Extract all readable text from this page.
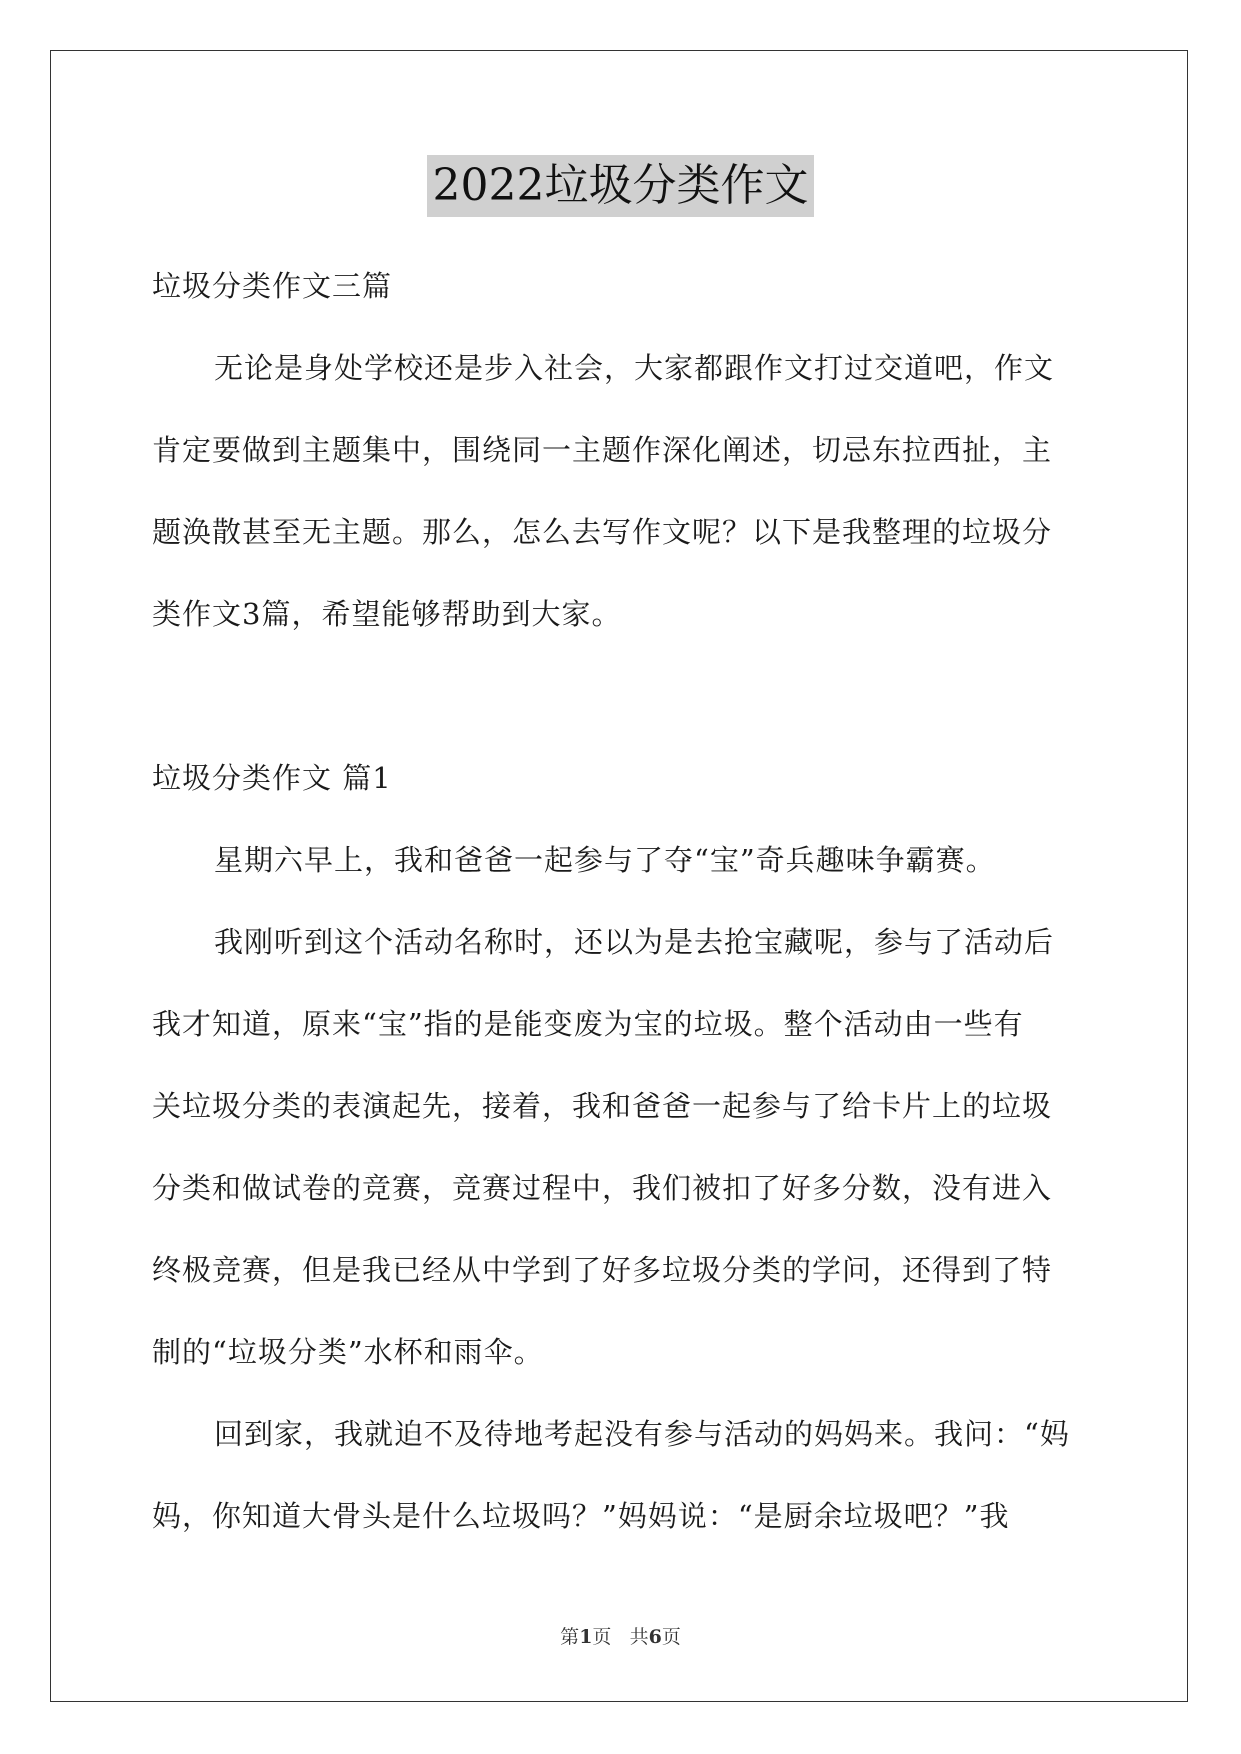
2022垃圾分类作文
垃圾分类作文三篇
无论是身处学校还是步入社会，大家都跟作文打过交道吧，作文
肯定要做到主题集中，围绕同一主题作深化阐述，切忌东拉西扯，主
题涣散甚至无主题。那么，怎么去写作文呢？以下是我整理的垃圾分
类作文3篇，希望能够帮助到大家。
垃圾分类作文 篇1
星期六早上，我和爸爸一起参与了夺“宝”奇兵趣味争霸赛。
我刚听到这个活动名称时，还以为是去抢宝藏呢，参与了活动后
我才知道，原来“宝”指的是能变废为宝的垃圾。整个活动由一些有
关垃圾分类的表演起先，接着，我和爸爸一起参与了给卡片上的垃圾
分类和做试卷的竞赛，竞赛过程中，我们被扣了好多分数，没有进入
终极竞赛，但是我已经从中学到了好多垃圾分类的学问，还得到了特
制的“垃圾分类”水杯和雨伞。
回到家，我就迫不及待地考起没有参与活动的妈妈来。我问：“妈
妈，你知道大骨头是什么垃圾吗？”妈妈说：“是厨余垃圾吧？”我
第1页 共6页
